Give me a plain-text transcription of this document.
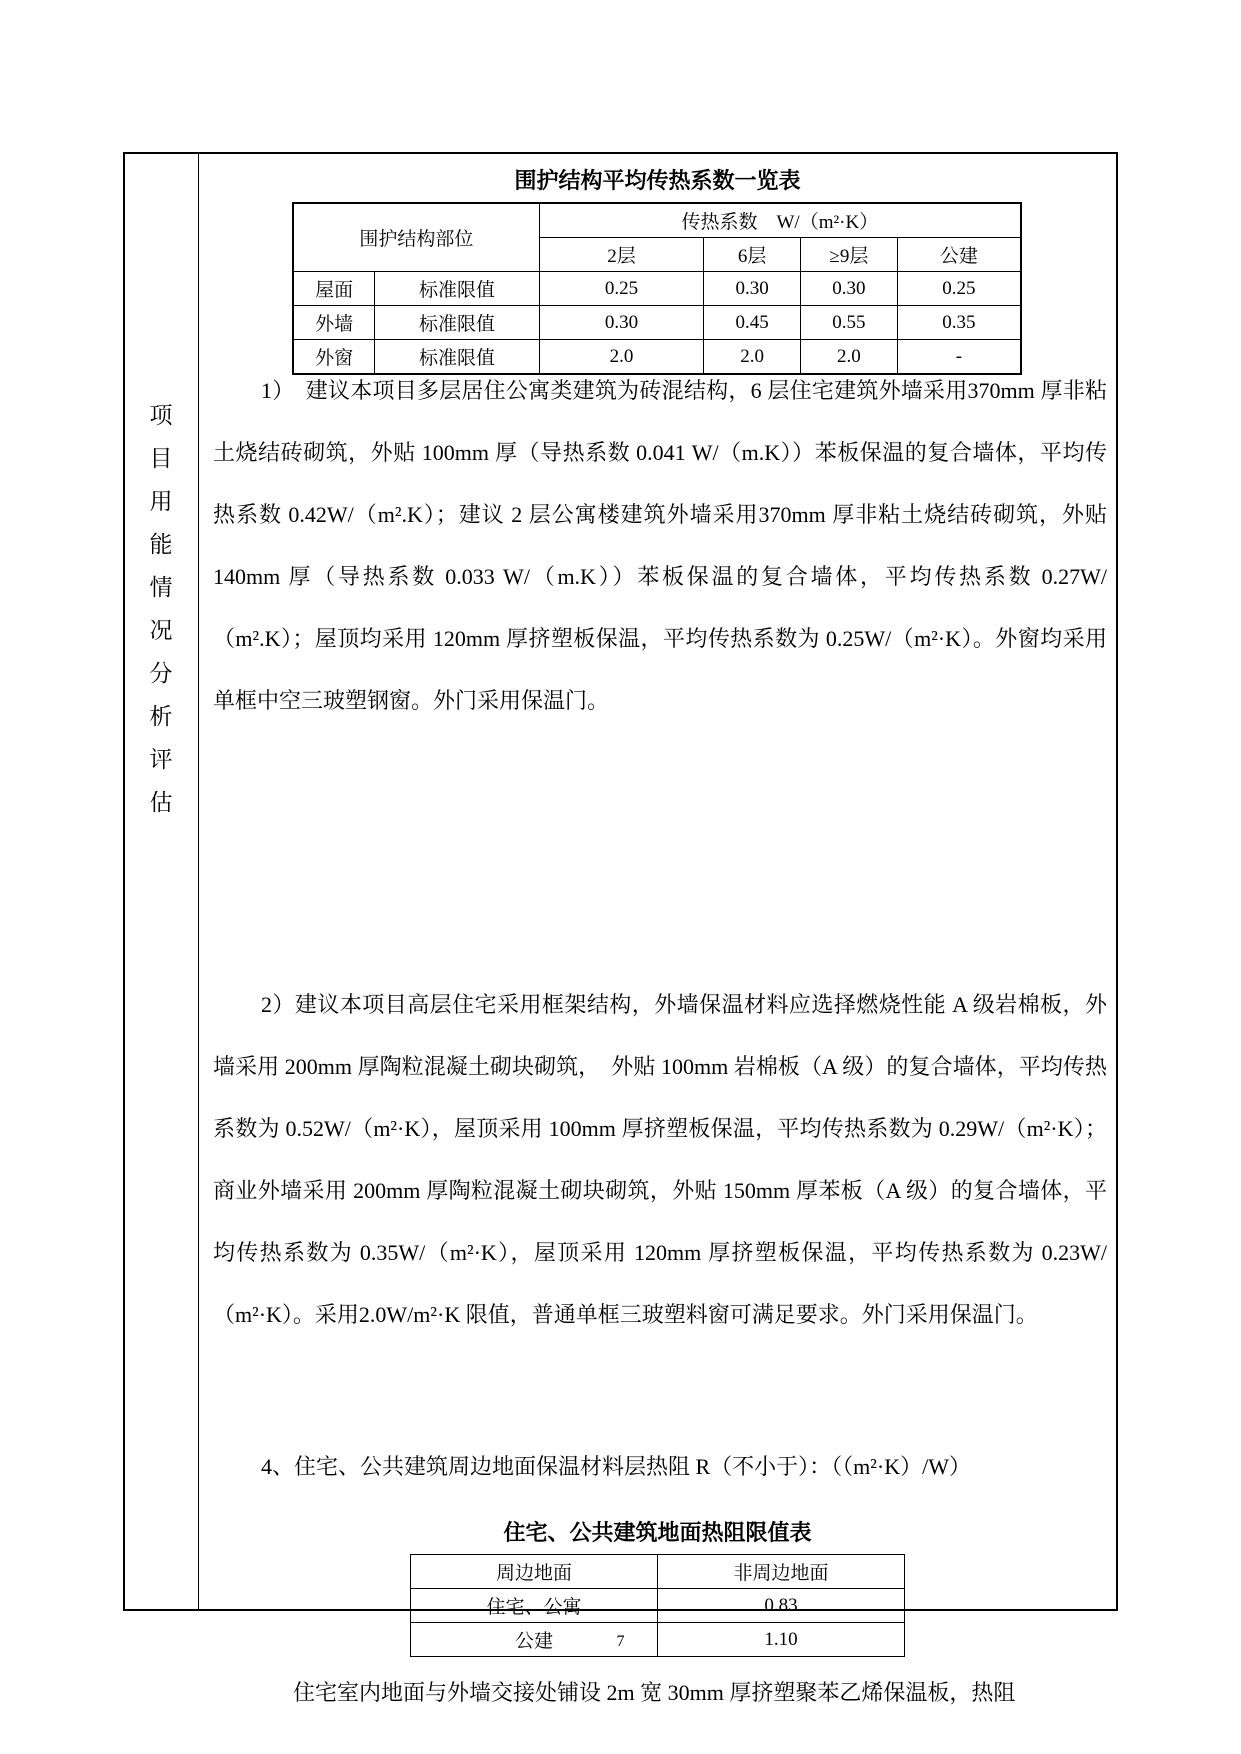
项
目
用
能
情
况
分
析
评
估
围护结构平均传热系数一览表
围护结构部位		传热系数　W/（m²·K）			
		2层	6层	≥9层	公建
屋面	标准限值	0.25	0.30	0.30	0.25
外墙	标准限值	0.30	0.45	0.55	0.35
外窗	标准限值	2.0	2.0	2.0	-

1）　建议本项目多层居住公寓类建筑为砖混结构，6 层住宅建筑外墙采用370mm 厚非粘土烧结砖砌筑，外贴 100mm 厚（导热系数 0.041 W/（m.K））苯板保温的复合墙体，平均传热系数 0.42W/（m².K）；建议 2 层公寓楼建筑外墙采用370mm 厚非粘土烧结砖砌筑，外贴 140mm 厚（导热系数 0.033 W/（m.K））苯板保温的复合墙体，平均传热系数 0.27W/（m².K）；屋顶均采用 120mm 厚挤塑板保温，平均传热系数为 0.25W/（m²·K）。外窗均采用单框中空三玻塑钢窗。外门采用保温门。

2）建议本项目高层住宅采用框架结构，外墙保温材料应选择燃烧性能 A 级岩棉板，外墙采用 200mm 厚陶粒混凝土砌块砌筑，　外贴 100mm 岩棉板（A 级）的复合墙体，平均传热系数为 0.52W/（m²·K），屋顶采用 100mm 厚挤塑板保温，平均传热系数为 0.29W/（m²·K）；商业外墙采用 200mm 厚陶粒混凝土砌块砌筑，外贴 150mm 厚苯板（A 级）的复合墙体，平均传热系数为 0.35W/（m²·K），屋顶采用 120mm 厚挤塑板保温，平均传热系数为 0.23W/（m²·K）。采用2.0W/m²·K 限值，普通单框三玻塑料窗可满足要求。外门采用保温门。

4、住宅、公共建筑周边地面保温材料层热阻 R（不小于）：（（m²·K）/W）

住宅、公共建筑地面热阻限值表
周边地面	非周边地面
住宅、公寓	0.83
公建	1.10

住宅室内地面与外墙交接处铺设 2m 宽 30mm 厚挤塑聚苯乙烯保温板，热阻

7
